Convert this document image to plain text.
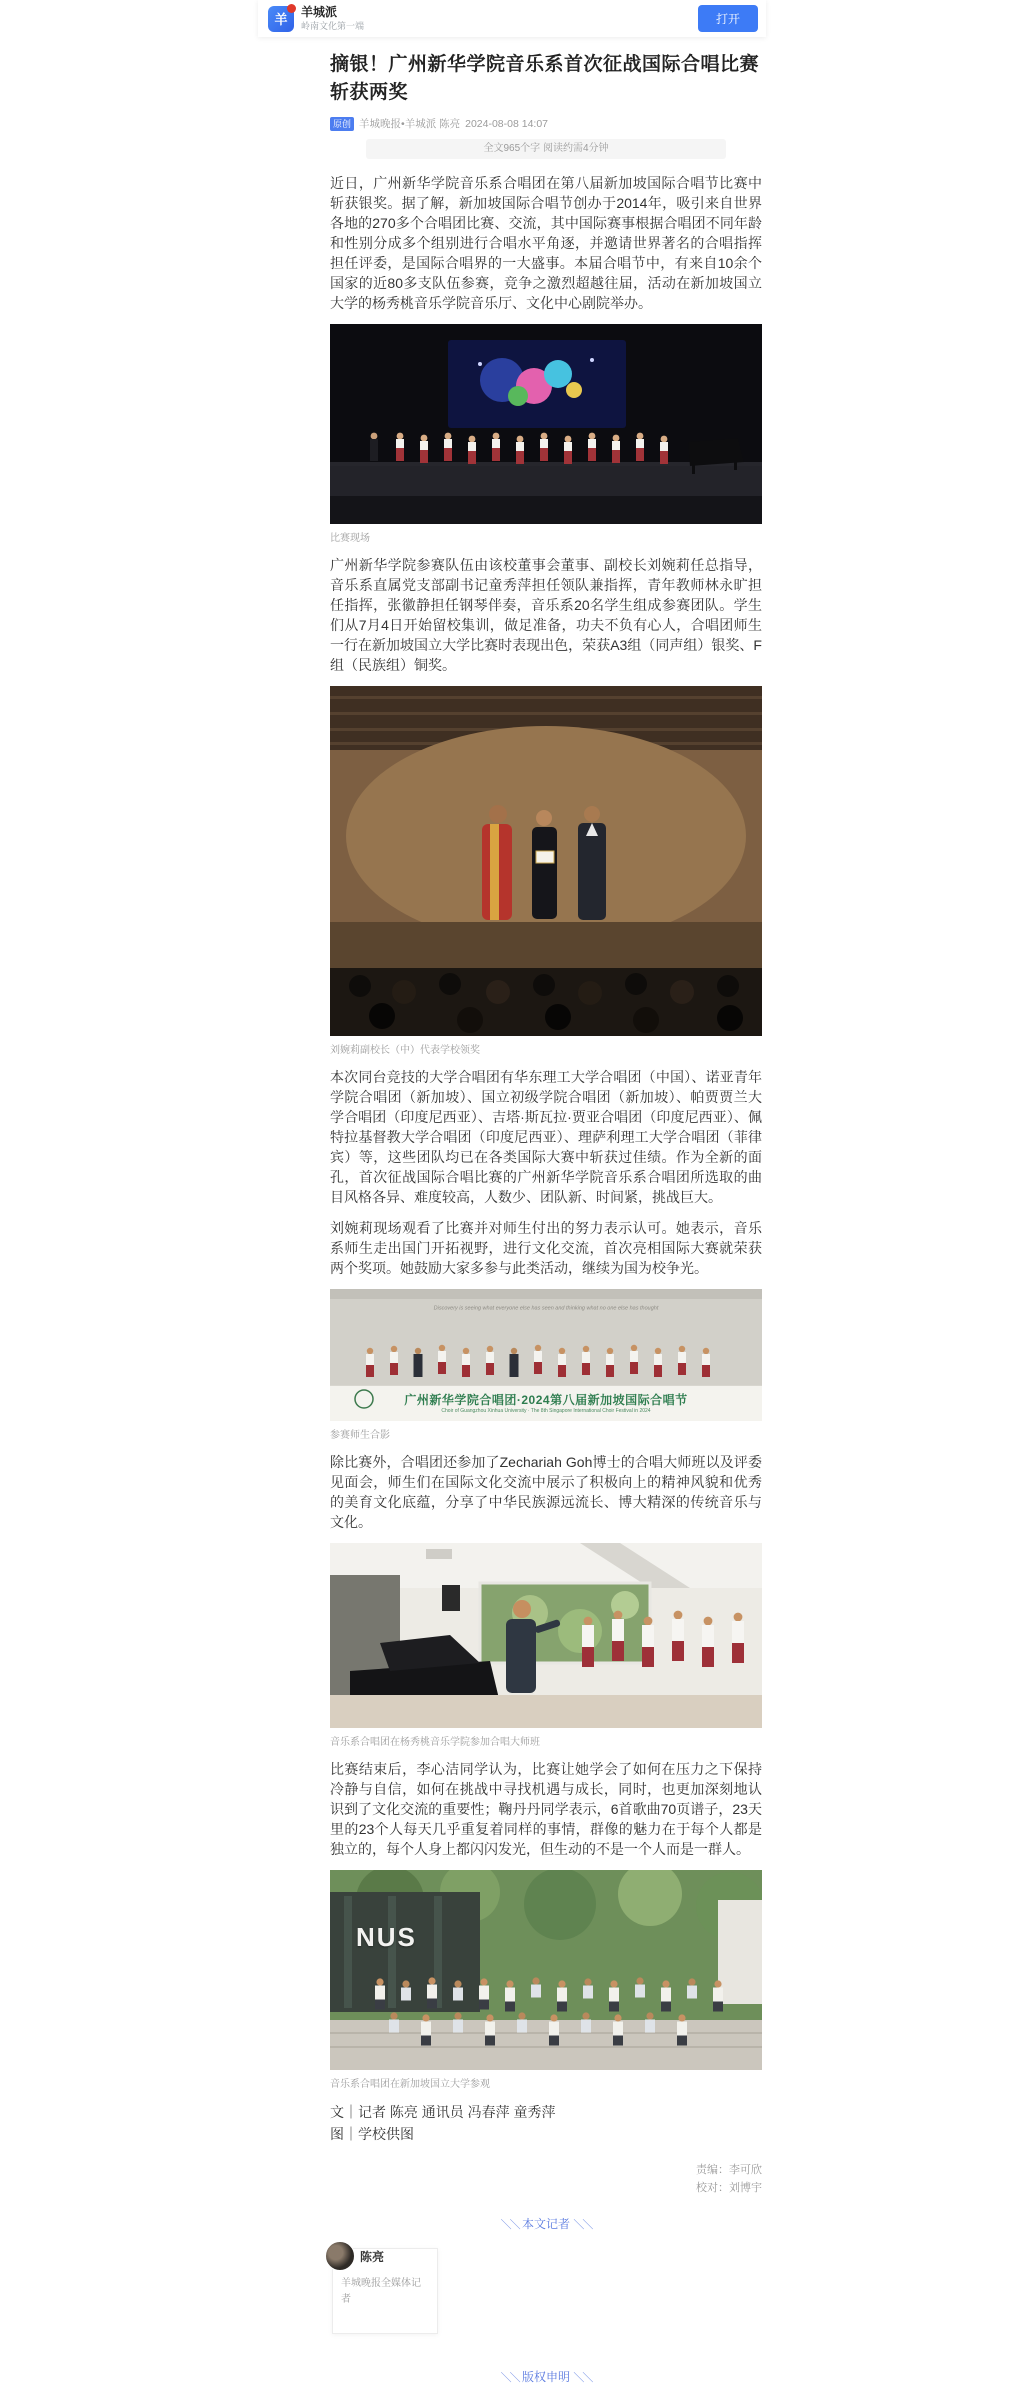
羊
羊城派
岭南文化第一端	打开
摘银！广州新华学院音乐系首次征战国际合唱比赛斩获两奖
原创 羊城晚报•羊城派 陈亮 2024-08-08 14:07
全文965个字 阅读约需4分钟

近日，广州新华学院音乐系合唱团在第八届新加坡国际合唱节比赛中斩获银奖。据了解，新加坡国际合唱节创办于2014年，吸引来自世界各地的270多个合唱团比赛、交流，其中国际赛事根据合唱团不同年龄和性别分成多个组别进行合唱水平角逐，并邀请世界著名的合唱指挥担任评委，是国际合唱界的一大盛事。本届合唱节中，有来自10余个国家的近80多支队伍参赛，竞争之激烈超越往届，活动在新加坡国立大学的杨秀桃音乐学院音乐厅、文化中心剧院举办。

比赛现场

广州新华学院参赛队伍由该校董事会董事、副校长刘婉莉任总指导，音乐系直属党支部副书记童秀萍担任领队兼指挥，青年教师林永旷担任指挥，张徽静担任钢琴伴奏，音乐系20名学生组成参赛团队。学生们从7月4日开始留校集训，做足准备，功夫不负有心人，合唱团师生一行在新加坡国立大学比赛时表现出色，荣获A3组（同声组）银奖、F组（民族组）铜奖。

刘婉莉副校长（中）代表学校领奖

本次同台竞技的大学合唱团有华东理工大学合唱团（中国）、诺亚青年学院合唱团（新加坡）、国立初级学院合唱团（新加坡）、帕贾贾兰大学合唱团（印度尼西亚）、吉塔·斯瓦拉·贾亚合唱团（印度尼西亚）、佩特拉基督教大学合唱团（印度尼西亚）、理萨利理工大学合唱团（菲律宾）等，这些团队均已在各类国际大赛中斩获过佳绩。作为全新的面孔，首次征战国际合唱比赛的广州新华学院音乐系合唱团所选取的曲目风格各异、难度较高，人数少、团队新、时间紧，挑战巨大。

刘婉莉现场观看了比赛并对师生付出的努力表示认可。她表示，音乐系师生走出国门开拓视野，进行文化交流，首次亮相国际大赛就荣获两个奖项。她鼓励大家多参与此类活动，继续为国为校争光。

Discovery is seeing what everyone else has seen and thinking what no one else has thought
广州新华学院合唱团·2024第八届新加坡国际合唱节
Choir of Guangzhou Xinhua University · The 8th Singapore International Choir Festival in 2024
参赛师生合影

除比赛外，合唱团还参加了Zechariah Goh博士的合唱大师班以及评委见面会，师生们在国际文化交流中展示了积极向上的精神风貌和优秀的美育文化底蕴，分享了中华民族源远流长、博大精深的传统音乐与文化。

音乐系合唱团在杨秀桃音乐学院参加合唱大师班

比赛结束后，李心洁同学认为，比赛让她学会了如何在压力之下保持冷静与自信，如何在挑战中寻找机遇与成长，同时，也更加深刻地认识到了文化交流的重要性；鞠丹丹同学表示，6首歌曲70页谱子，23天里的23个人每天几乎重复着同样的事情，群像的魅力在于每个人都是独立的，每个人身上都闪闪发光，但生动的不是一个人而是一群人。

NUS
音乐系合唱团在新加坡国立大学参观
文｜记者 陈亮 通讯员 冯春萍 童秀萍
图｜学校供图
责编：李可欣
校对：刘博宇
＼＼ 本文记者 ＼＼
陈亮
羊城晚报全媒体记者
＼＼ 版权申明 ＼＼
